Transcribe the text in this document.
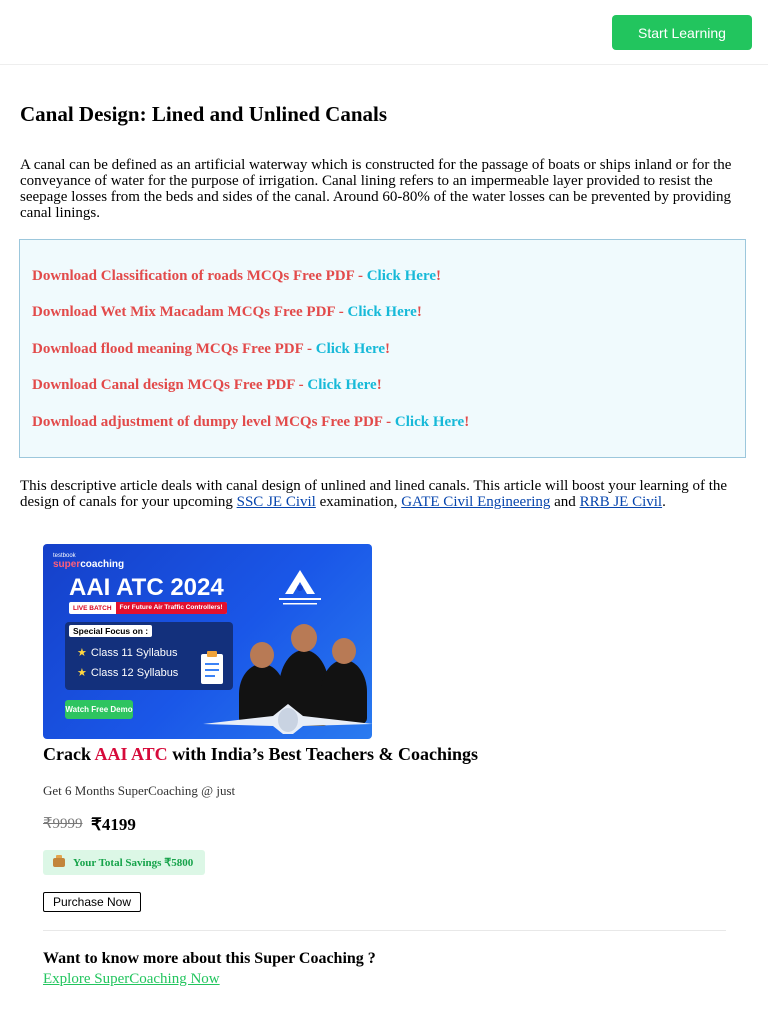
Start Learning
Canal Design: Lined and Unlined Canals

A canal can be defined as an artificial waterway which is constructed for the passage of boats or ships inland or for the conveyance of water for the purpose of irrigation. Canal lining refers to an impermeable layer provided to resist the seepage losses from the beds and sides of the canal. Around 60-80% of the water losses can be prevented by providing canal linings.

Download Classification of roads MCQs Free PDF - Click Here!
Download Wet Mix Macadam MCQs Free PDF - Click Here!
Download flood meaning MCQs Free PDF - Click Here!
Download Canal design MCQs Free PDF - Click Here!
Download adjustment of dumpy level MCQs Free PDF - Click Here!

This descriptive article deals with canal design of unlined and lined canals. This article will boost your learning of the design of canals for your upcoming SSC JE Civil examination, GATE Civil Engineering and RRB JE Civil.

testbook
supercoaching
AAI ATC 2024
LIVE BATCH	For Future Air Traffic Controllers!
Special Focus on :
★ Class 11 Syllabus
★ Class 12 Syllabus
Watch Free Demo
Crack AAI ATC with India’s Best Teachers & Coachings
Get 6 Months SuperCoaching @ just
₹9999 ₹4199
Your Total Savings ₹5800
Purchase Now
Want to know more about this Super Coaching ?
Explore SuperCoaching Now
